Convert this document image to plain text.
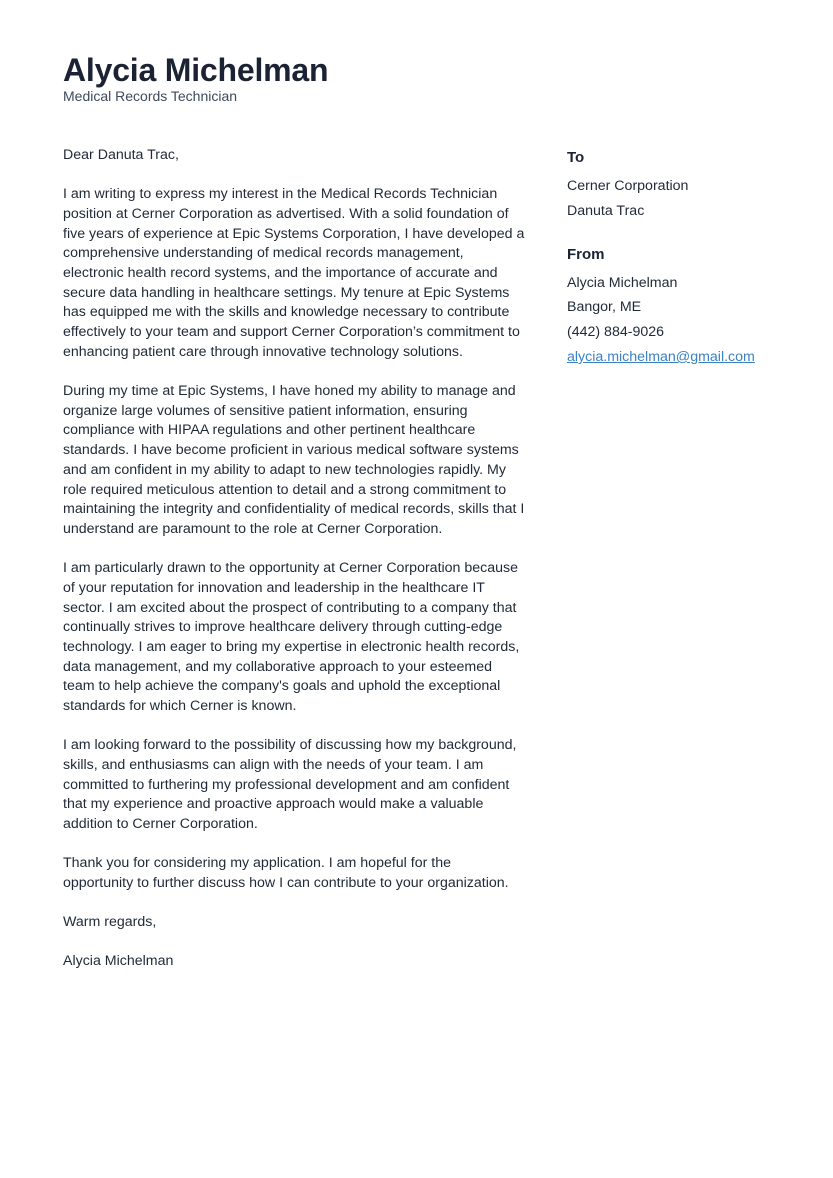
Alycia Michelman
Medical Records Technician

Dear Danuta Trac,

I am writing to express my interest in the Medical Records Technician position at Cerner Corporation as advertised. With a solid foundation of five years of experience at Epic Systems Corporation, I have developed a comprehensive understanding of medical records management, electronic health record systems, and the importance of accurate and secure data handling in healthcare settings. My tenure at Epic Systems has equipped me with the skills and knowledge necessary to contribute effectively to your team and support Cerner Corporation’s commitment to enhancing patient care through innovative technology solutions.

During my time at Epic Systems, I have honed my ability to manage and organize large volumes of sensitive patient information, ensuring compliance with HIPAA regulations and other pertinent healthcare standards. I have become proficient in various medical software systems and am confident in my ability to adapt to new technologies rapidly. My role required meticulous attention to detail and a strong commitment to maintaining the integrity and confidentiality of medical records, skills that I understand are paramount to the role at Cerner Corporation.

I am particularly drawn to the opportunity at Cerner Corporation because of your reputation for innovation and leadership in the healthcare IT sector. I am excited about the prospect of contributing to a company that continually strives to improve healthcare delivery through cutting-edge technology. I am eager to bring my expertise in electronic health records, data management, and my collaborative approach to your esteemed team to help achieve the company's goals and uphold the exceptional standards for which Cerner is known.

I am looking forward to the possibility of discussing how my background, skills, and enthusiasms can align with the needs of your team. I am committed to furthering my professional development and am confident that my experience and proactive approach would make a valuable addition to Cerner Corporation.

Thank you for considering my application. I am hopeful for the opportunity to further discuss how I can contribute to your organization.

Warm regards,

Alycia Michelman

To
Cerner Corporation
Danuta Trac
From
Alycia Michelman
Bangor, ME
(442) 884-9026
alycia.michelman@gmail.com
